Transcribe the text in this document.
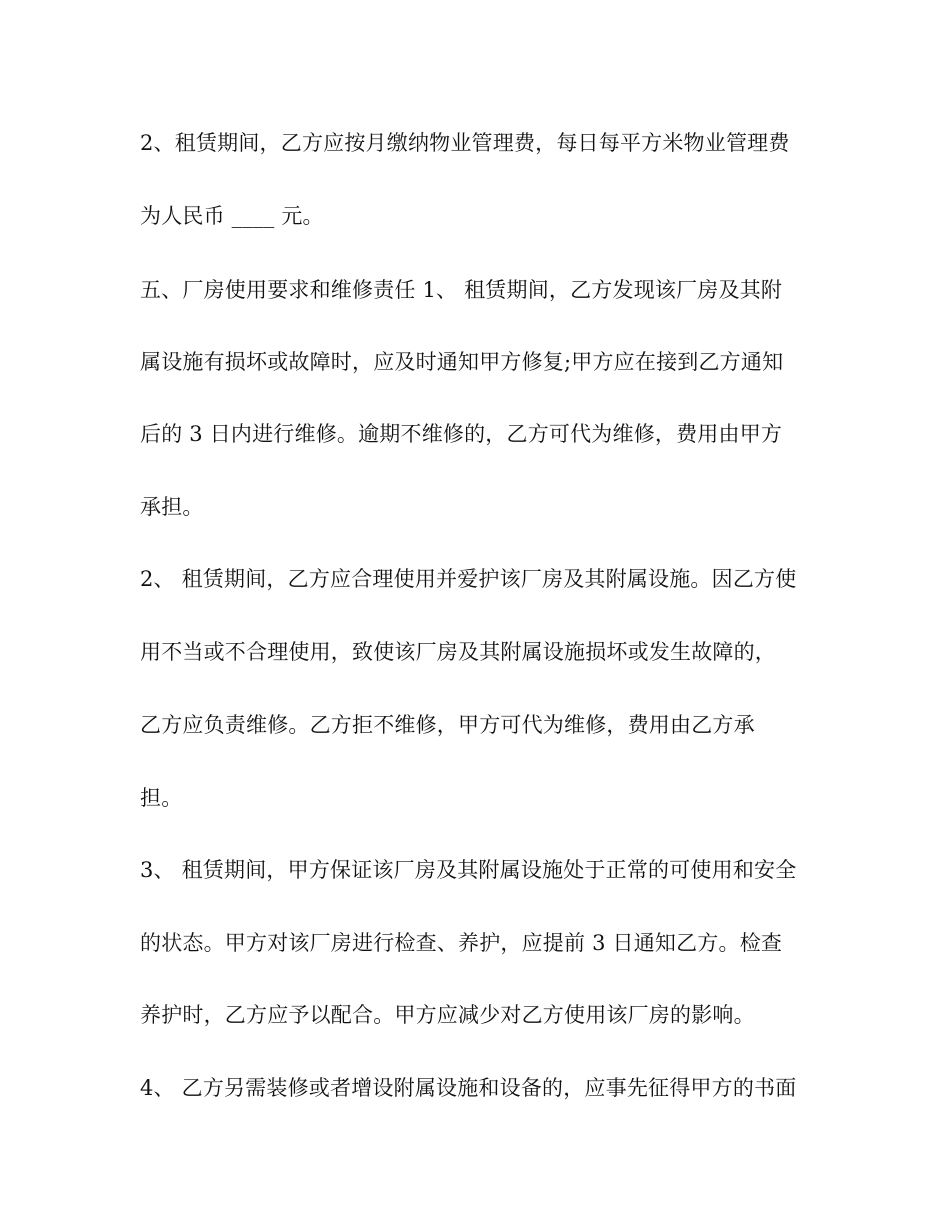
2、租赁期间，乙方应按月缴纳物业管理费，每日每平方米物业管理费
为人民币 ____ 元。
五、厂房使用要求和维修责任 1、 租赁期间，乙方发现该厂房及其附
属设施有损坏或故障时，应及时通知甲方修复;甲方应在接到乙方通知
后的 3 日内进行维修。逾期不维修的，乙方可代为维修，费用由甲方
承担。
2、 租赁期间，乙方应合理使用并爱护该厂房及其附属设施。因乙方使
用不当或不合理使用，致使该厂房及其附属设施损坏或发生故障的，
乙方应负责维修。乙方拒不维修，甲方可代为维修，费用由乙方承
担。
3、 租赁期间，甲方保证该厂房及其附属设施处于正常的可使用和安全
的状态。甲方对该厂房进行检查、养护，应提前 3 日通知乙方。检查
养护时，乙方应予以配合。甲方应减少对乙方使用该厂房的影响。
4、 乙方另需装修或者增设附属设施和设备的，应事先征得甲方的书面
